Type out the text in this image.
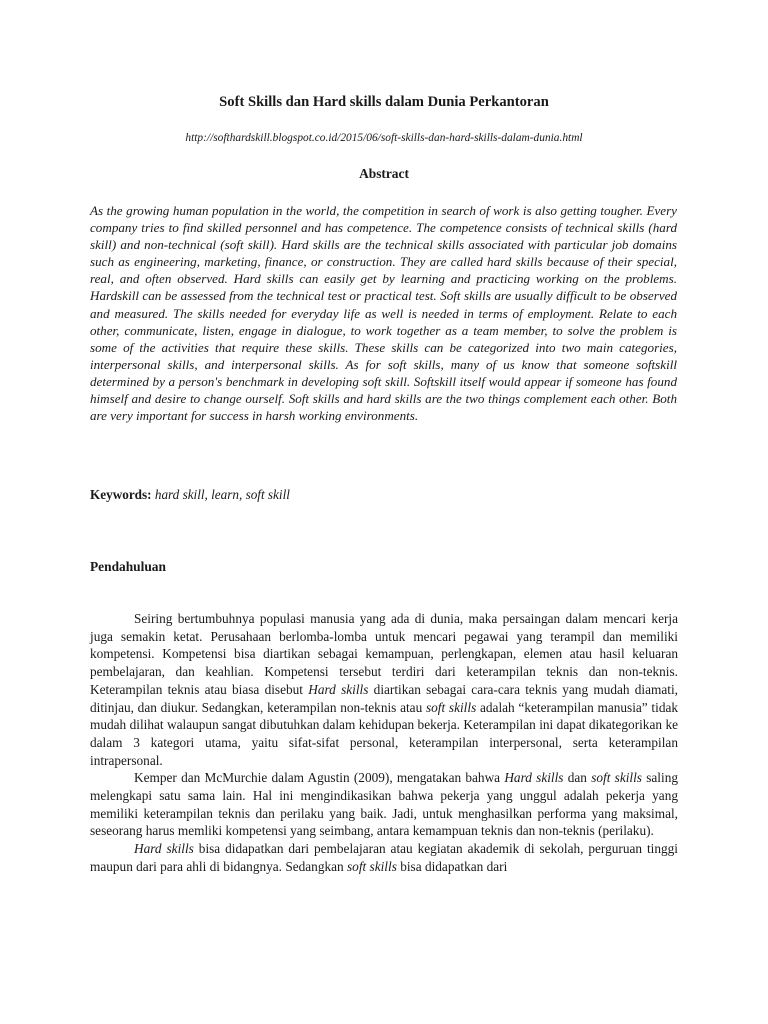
Soft Skills dan Hard skills dalam Dunia Perkantoran

http://softhardskill.blogspot.co.id/2015/06/soft-skills-dan-hard-skills-dalam-dunia.html

Abstract

As the growing human population in the world, the competition in search of work is also getting tougher. Every company tries to find skilled personnel and has competence. The competence consists of technical skills (hard skill) and non-technical (soft skill). Hard skills are the technical skills associated with particular job domains such as engineering, marketing, finance, or construction. They are called hard skills because of their special, real, and often observed. Hard skills can easily get by learning and practicing working on the problems. Hardskill can be assessed from the technical test or practical test. Soft skills are usually difficult to be observed and measured. The skills needed for everyday life as well is needed in terms of employment. Relate to each other, communicate, listen, engage in dialogue, to work together as a team member, to solve the problem is some of the activities that require these skills. These skills can be categorized into two main categories, interpersonal skills, and interpersonal skills. As for soft skills, many of us know that someone softskill determined by a person's benchmark in developing soft skill. Softskill itself would appear if someone has found himself and desire to change ourself. Soft skills and hard skills are the two things complement each other. Both are very important for success in harsh working environments.

Keywords: hard skill, learn, soft skill

Pendahuluan

Seiring bertumbuhnya populasi manusia yang ada di dunia, maka persaingan dalam mencari kerja juga semakin ketat. Perusahaan berlomba-lomba untuk mencari pegawai yang terampil dan memiliki kompetensi. Kompetensi bisa diartikan sebagai kemampuan, perlengkapan, elemen atau hasil keluaran pembelajaran, dan keahlian. Kompetensi tersebut terdiri dari keterampilan teknis dan non-teknis. Keterampilan teknis atau biasa disebut Hard skills diartikan sebagai cara-cara teknis yang mudah diamati, ditinjau, dan diukur. Sedangkan, keterampilan non-teknis atau soft skills adalah “keterampilan manusia” tidak mudah dilihat walaupun sangat dibutuhkan dalam kehidupan bekerja. Keterampilan ini dapat dikategorikan ke dalam 3 kategori utama, yaitu sifat-sifat personal, keterampilan interpersonal, serta keterampilan intrapersonal.

Kemper dan McMurchie dalam Agustin (2009), mengatakan bahwa Hard skills dan soft skills saling melengkapi satu sama lain. Hal ini mengindikasikan bahwa pekerja yang unggul adalah pekerja yang memiliki keterampilan teknis dan perilaku yang baik. Jadi, untuk menghasilkan performa yang maksimal, seseorang harus memliki kompetensi yang seimbang, antara kemampuan teknis dan non-teknis (perilaku).

Hard skills bisa didapatkan dari pembelajaran atau kegiatan akademik di sekolah, perguruan tinggi maupun dari para ahli di bidangnya. Sedangkan soft skills bisa didapatkan dari
